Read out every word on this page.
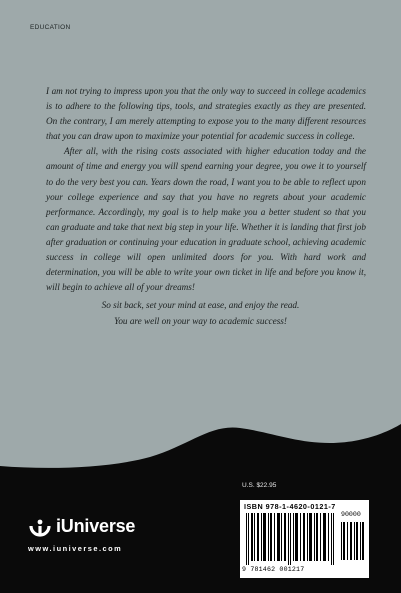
EDUCATION

I am not trying to impress upon you that the only way to succeed in college academics is to adhere to the following tips, tools, and strategies exactly as they are presented. On the contrary, I am merely attempting to expose you to the many different resources that you can draw upon to maximize your potential for academic success in college.

After all, with the rising costs associated with higher education today and the amount of time and energy you will spend earning your degree, you owe it to yourself to do the very best you can. Years down the road, I want you to be able to reflect upon your college experience and say that you have no regrets about your academic performance. Accordingly, my goal is to help make you a better student so that you can graduate and take that next big step in your life. Whether it is landing that first job after graduation or continuing your education in graduate school, achieving academic success in college will open unlimited doors for you. With hard work and determination, you will be able to write your own ticket in life and before you know it, will begin to achieve all of your dreams!

So sit back, set your mind at ease, and enjoy the read.

You are well on your way to academic success!

U.S. $22.95
iUniverse
www.iuniverse.com
ISBN 978-1-4620-0121-7
90000
9 781462 001217
